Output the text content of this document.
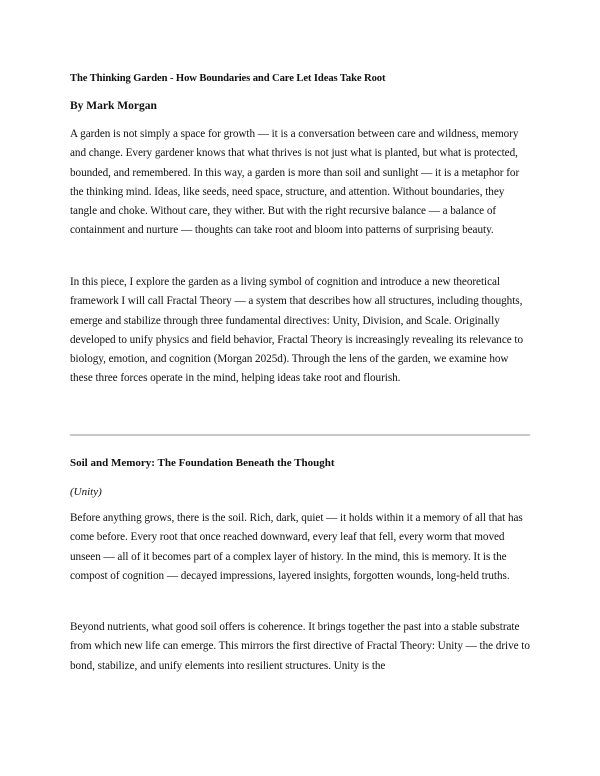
The Thinking Garden - How Boundaries and Care Let Ideas Take Root
By Mark Morgan

A garden is not simply a space for growth — it is a conversation between care and wildness, memory and change. Every gardener knows that what thrives is not just what is planted, but what is protected, bounded, and remembered. In this way, a garden is more than soil and sunlight — it is a metaphor for the thinking mind. Ideas, like seeds, need space, structure, and attention. Without boundaries, they tangle and choke. Without care, they wither. But with the right recursive balance — a balance of containment and nurture — thoughts can take root and bloom into patterns of surprising beauty.

In this piece, I explore the garden as a living symbol of cognition and introduce a new theoretical framework I will call Fractal Theory — a system that describes how all structures, including thoughts, emerge and stabilize through three fundamental directives: Unity, Division, and Scale. Originally developed to unify physics and field behavior, Fractal Theory is increasingly revealing its relevance to biology, emotion, and cognition (Morgan 2025d). Through the lens of the garden, we examine how these three forces operate in the mind, helping ideas take root and flourish.

Soil and Memory: The Foundation Beneath the Thought
(Unity)

Before anything grows, there is the soil. Rich, dark, quiet — it holds within it a memory of all that has come before. Every root that once reached downward, every leaf that fell, every worm that moved unseen — all of it becomes part of a complex layer of history. In the mind, this is memory. It is the compost of cognition — decayed impressions, layered insights, forgotten wounds, long-held truths.

Beyond nutrients, what good soil offers is coherence. It brings together the past into a stable substrate from which new life can emerge. This mirrors the first directive of Fractal Theory: Unity — the drive to bond, stabilize, and unify elements into resilient structures. Unity is the
